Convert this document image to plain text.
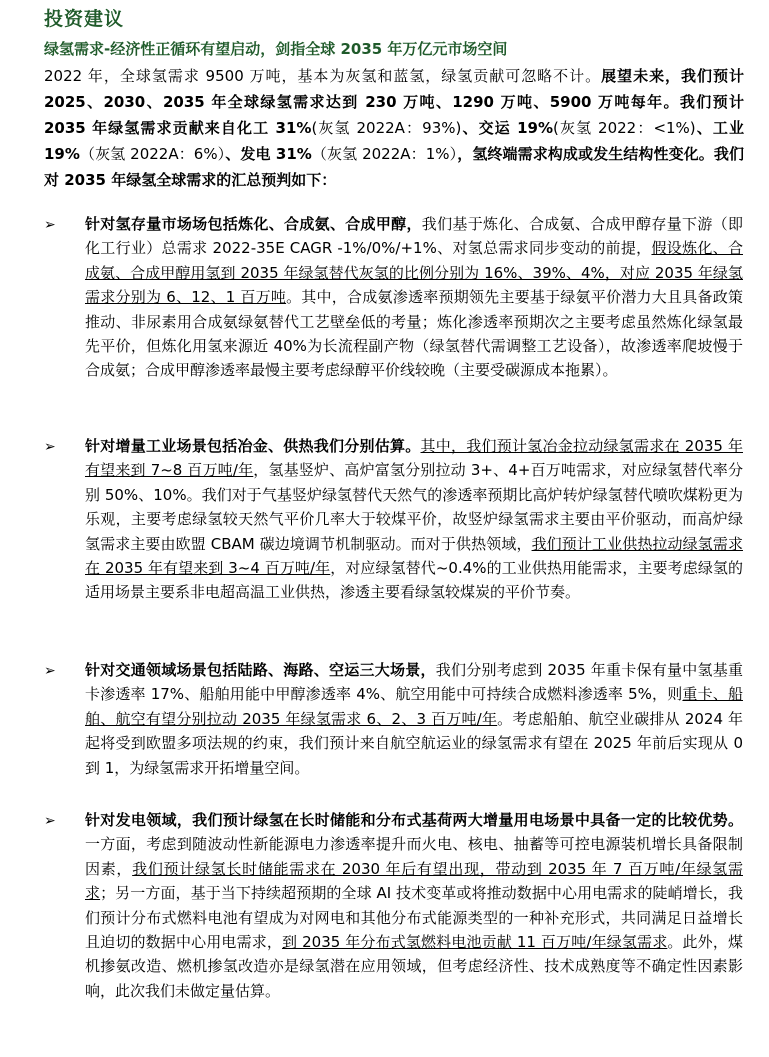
投资建议
绿氢需求-经济性正循环有望启动，剑指全球 2035 年万亿元市场空间
2022 年，全球氢需求 9500 万吨，基本为灰氢和蓝氢，绿氢贡献可忽略不计。展望未来，我们预计 2025、2030、2035 年全球绿氢需求达到 230 万吨、1290 万吨、5900 万吨每年。我们预计 2035 年绿氢需求贡献来自化工 31%(灰氢 2022A：93%)、交运 19%(灰氢 2022：<1%)、工业 19%（灰氢 2022A：6%）、发电 31%（灰氢 2022A：1%），氢终端需求构成或发生结构性变化。我们对 2035 年绿氢全球需求的汇总预判如下：
➢ 针对氢存量市场场包括炼化、合成氨、合成甲醇，我们基于炼化、合成氨、合成甲醇存量下游（即化工行业）总需求 2022-35E CAGR -1%/0%/+1%、对氢总需求同步变动的前提，假设炼化、合成氨、合成甲醇用氢到 2035 年绿氢替代灰氢的比例分别为 16%、39%、4%，对应 2035 年绿氢需求分别为 6、12、1 百万吨。其中，合成氨渗透率预期领先主要基于绿氨平价潜力大且具备政策推动、非尿素用合成氨绿氨替代工艺壁垒低的考量；炼化渗透率预期次之主要考虑虽然炼化绿氢最先平价，但炼化用氢来源近 40%为长流程副产物（绿氢替代需调整工艺设备），故渗透率爬坡慢于合成氨；合成甲醇渗透率最慢主要考虑绿醇平价线较晚（主要受碳源成本拖累）。
➢ 针对增量工业场景包括冶金、供热我们分别估算。其中，我们预计氢冶金拉动绿氢需求在 2035 年有望来到 7~8 百万吨/年，氢基竖炉、高炉富氢分别拉动 3+、4+百万吨需求，对应绿氢替代率分别 50%、10%。我们对于气基竖炉绿氢替代天然气的渗透率预期比高炉转炉绿氢替代喷吹煤粉更为乐观，主要考虑绿氢较天然气平价几率大于较煤平价，故竖炉绿氢需求主要由平价驱动，而高炉绿氢需求主要由欧盟 CBAM 碳边境调节机制驱动。而对于供热领域，我们预计工业供热拉动绿氢需求在 2035 年有望来到 3~4 百万吨/年，对应绿氢替代~0.4%的工业供热用能需求，主要考虑绿氢的适用场景主要系非电超高温工业供热，渗透主要看绿氢较煤炭的平价节奏。
➢ 针对交通领域场景包括陆路、海路、空运三大场景，我们分别考虑到 2035 年重卡保有量中氢基重卡渗透率 17%、船舶用能中甲醇渗透率 4%、航空用能中可持续合成燃料渗透率 5%，则重卡、船舶、航空有望分别拉动 2035 年绿氢需求 6、2、3 百万吨/年。考虑船舶、航空业碳排从 2024 年起将受到欧盟多项法规的约束，我们预计来自航空航运业的绿氢需求有望在 2025 年前后实现从 0 到 1，为绿氢需求开拓增量空间。
➢ 针对发电领域，我们预计绿氢在长时储能和分布式基荷两大增量用电场景中具备一定的比较优势。一方面，考虑到随波动性新能源电力渗透率提升而火电、核电、抽蓄等可控电源装机增长具备限制因素，我们预计绿氢长时储能需求在 2030 年后有望出现，带动到 2035 年 7 百万吨/年绿氢需求；另一方面，基于当下持续超预期的全球 AI 技术变革或将推动数据中心用电需求的陡峭增长，我们预计分布式燃料电池有望成为对网电和其他分布式能源类型的一种补充形式，共同满足日益增长且迫切的数据中心用电需求，到 2035 年分布式氢燃料电池贡献 11 百万吨/年绿氢需求。此外，煤机掺氨改造、燃机掺氢改造亦是绿氢潜在应用领域，但考虑经济性、技术成熟度等不确定性因素影响，此次我们未做定量估算。
